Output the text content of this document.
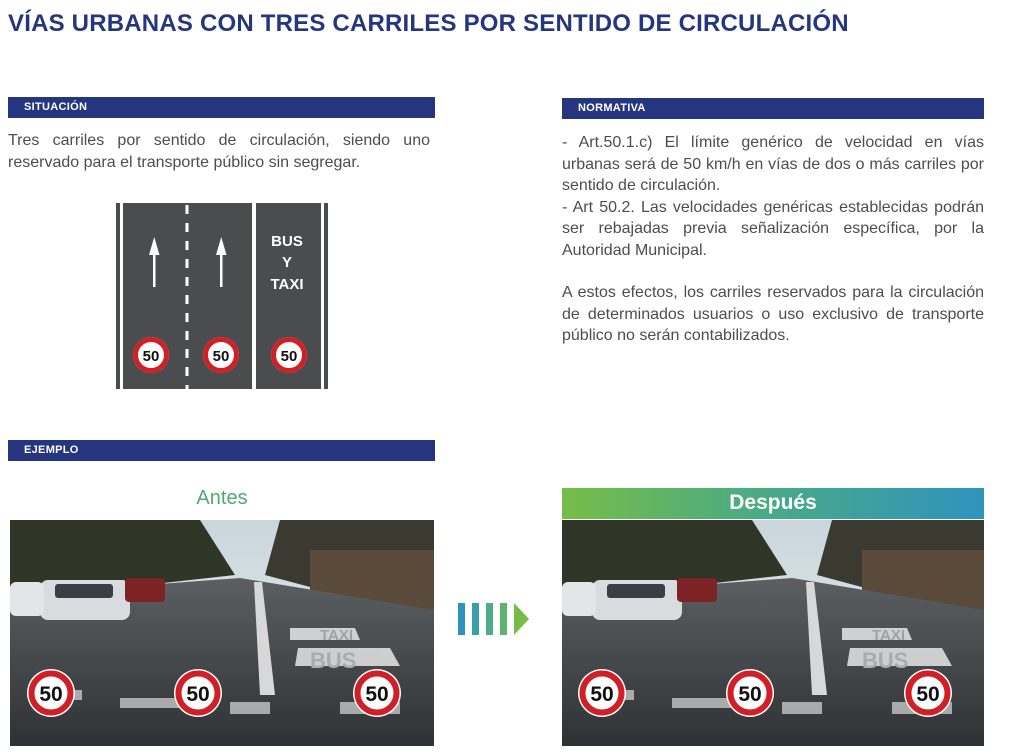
VÍAS URBANAS CON TRES CARRILES POR SENTIDO DE CIRCULACIÓN
SITUACIÓN
Tres carriles por sentido de circulación, siendo uno reservado para el transporte público sin segregar.
BUS
Y
TAXI
50	50	50
NORMATIVA

- Art.50.1.c) El límite genérico de velocidad en vías urbanas será de 50 km/h en vías de dos o más carriles por sentido de circulación.

- Art 50.2. Las velocidades genéricas establecidas podrán ser rebajadas previa señalización específica, por la Autoridad Municipal.

A estos efectos, los carriles reservados para la circulación de determinados usuarios o uso exclusivo de transporte público no serán contabilizados.

EJEMPLO
Antes	Después
TAXI
BUS
50	50	50
TAXI
BUS
50	50	50
